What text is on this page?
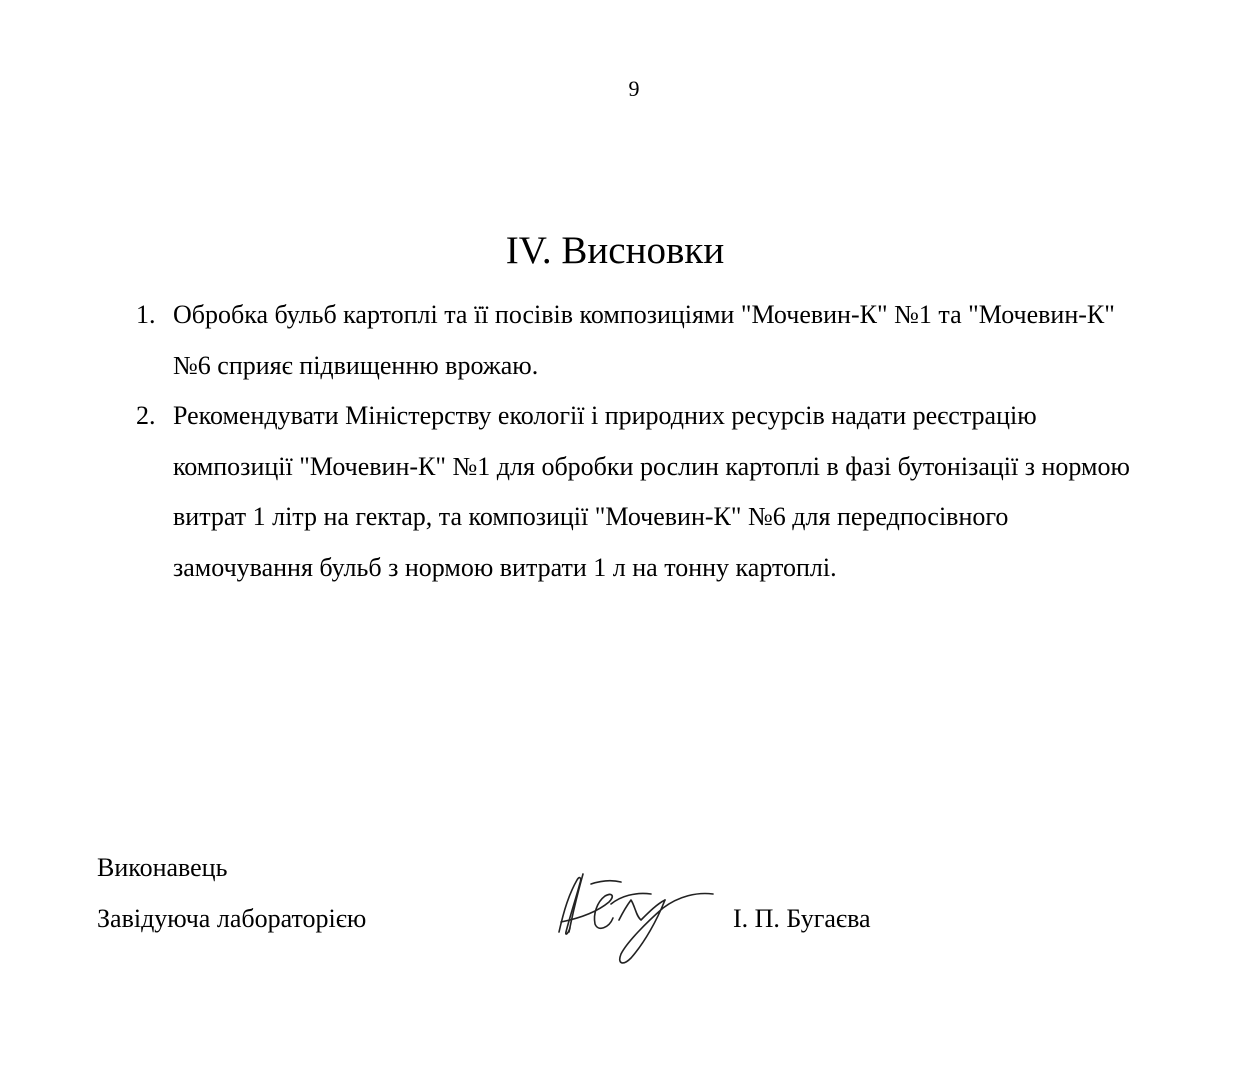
9
IV. Висновки
1. Обробка бульб картоплі та її посівів композиціями "Мочевин-К" №1 та "Мочевин-К" №6 сприяє підвищенню врожаю.
2. Рекомендувати Міністерству екології і природних ресурсів надати реєстрацію композиції "Мочевин-К" №1 для обробки рослин картоплі в фазі бутонізації з нормою витрат 1 літр на гектар, та композиції "Мочевин-К" №6 для передпосівного замочування бульб з нормою витрати 1 л на тонну картоплі.
Виконавець
Завідуюча лабораторією	І. П. Бугаєва
